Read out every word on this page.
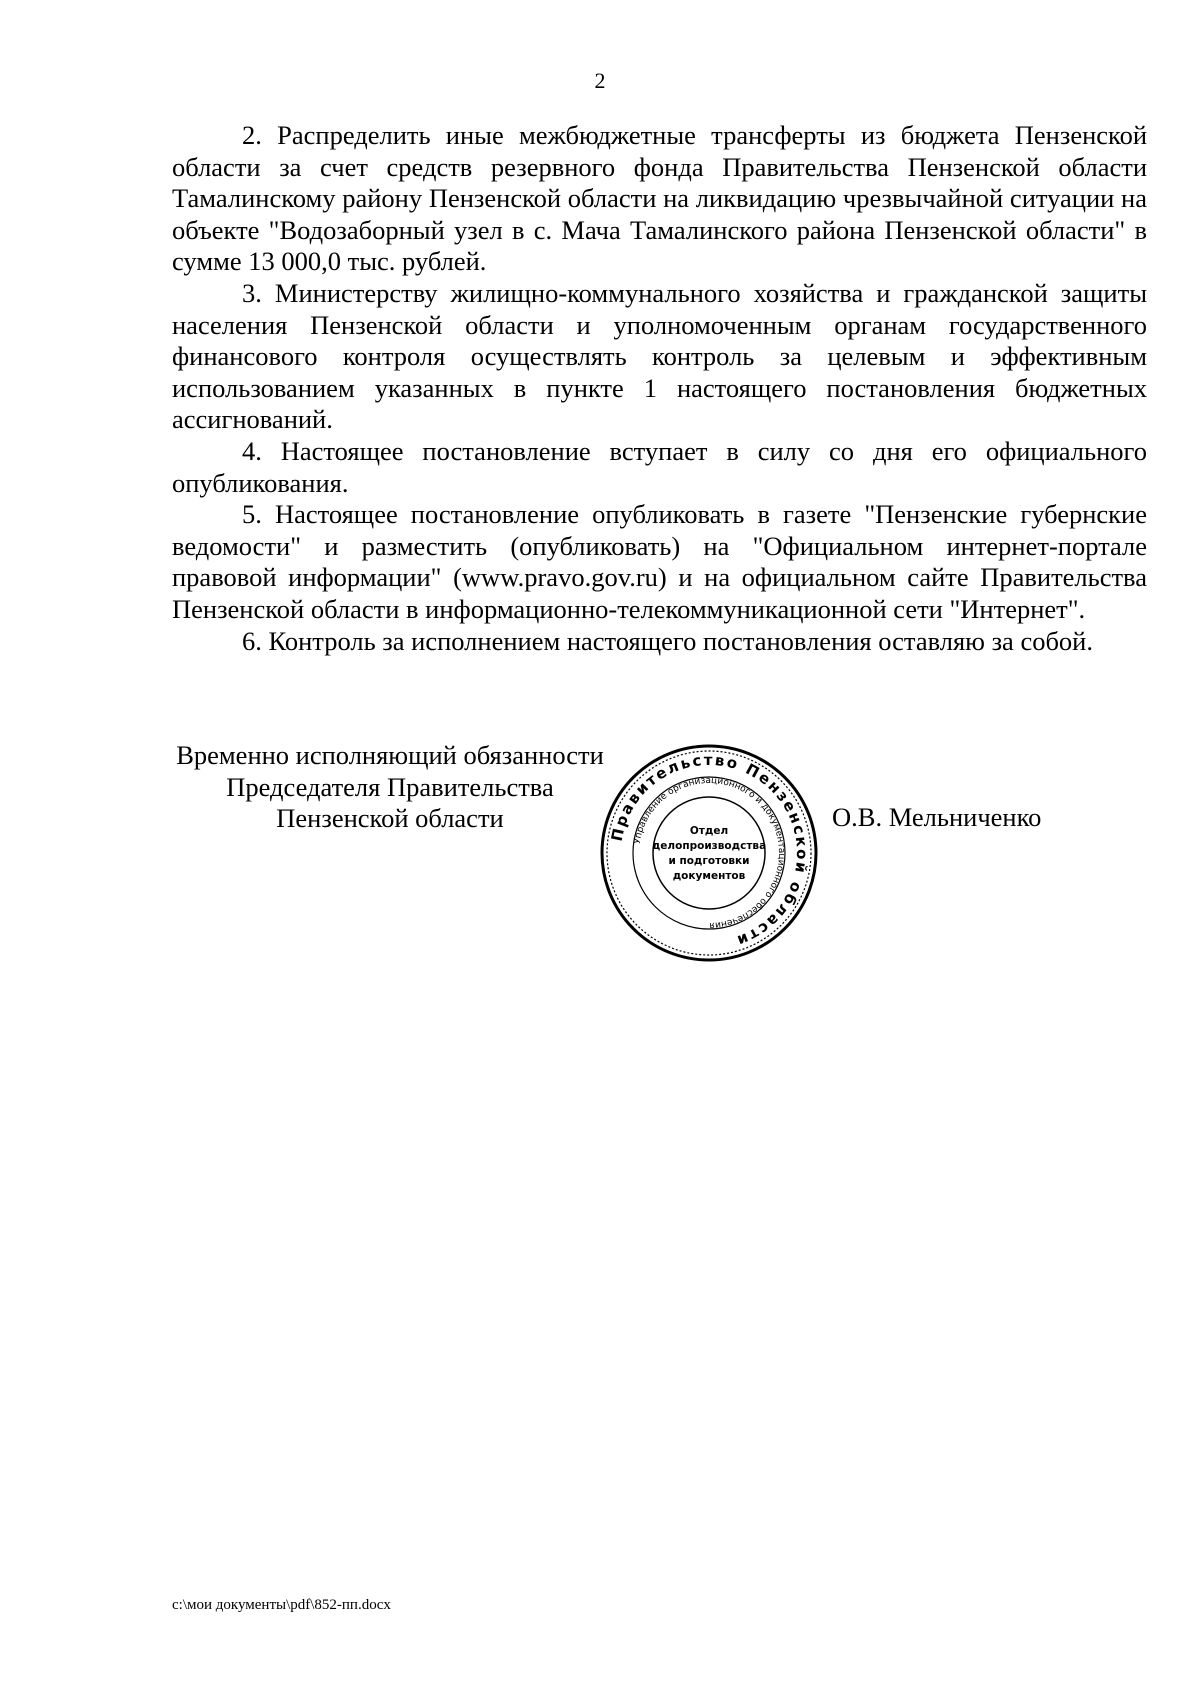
2

2. Распределить иные межбюджетные трансферты из бюджета Пензенской области за счет средств резервного фонда Правительства Пензенской области Тамалинскому району Пензенской области на ликвидацию чрезвычайной ситуации на объекте "Водозаборный узел в с. Мача Тамалинского района Пензенской области" в сумме 13 000,0 тыс. рублей.

3. Министерству жилищно-коммунального хозяйства и гражданской защиты населения Пензенской области и уполномоченным органам государственного финансового контроля осуществлять контроль за целевым и эффективным использованием указанных в пункте 1 настоящего постановления бюджетных ассигнований.

4. Настоящее постановление вступает в силу со дня его официального опубликования.

5. Настоящее постановление опубликовать в газете "Пензенские губернские ведомости" и разместить (опубликовать) на "Официальном интернет-портале правовой информации" (www.pravo.gov.ru) и на официальном сайте Правительства Пензенской области в информационно-телекоммуникационной сети "Интернет".

6. Контроль за исполнением настоящего постановления оставляю за собой.

Временно исполняющий обязанности
Председателя Правительства
Пензенской области	О.В. Мельниченко
Правительство Пензенской области
Управление организационного и документационного обеспечения
Отдел
делопроизводства
и подготовки
документов
c:\мои документы\pdf\852-пп.docx
